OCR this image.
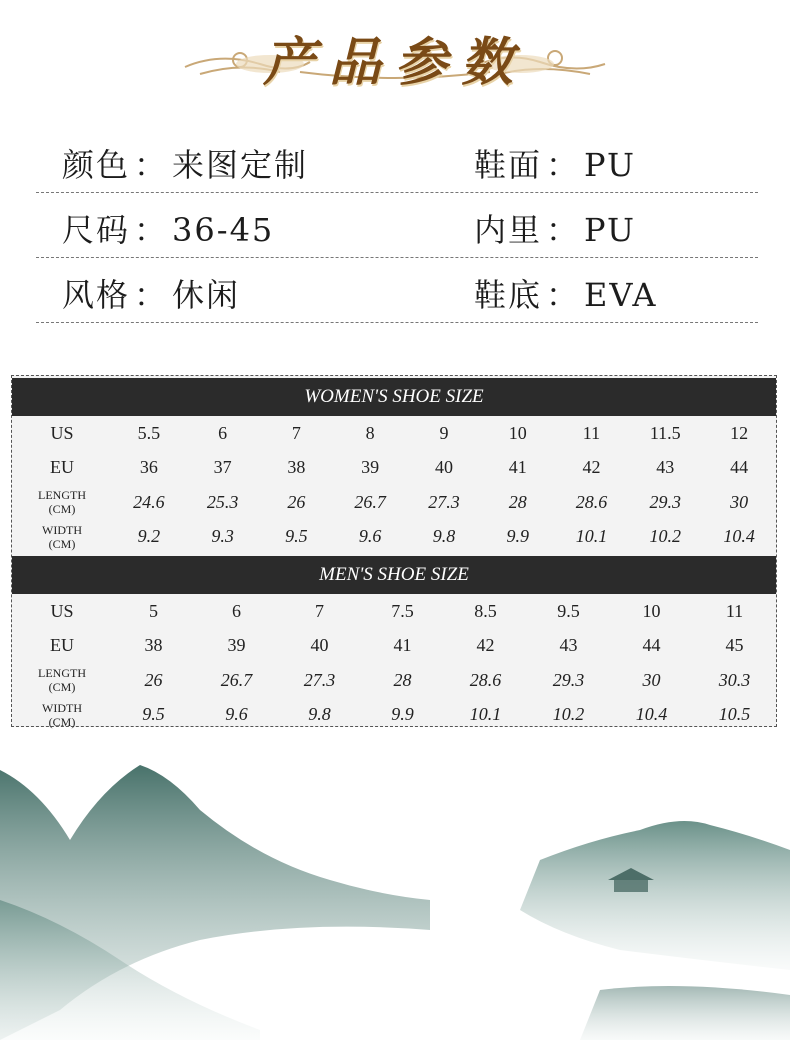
产品参数
颜色 ： 来图定制	鞋面 ： PU
尺码 ： 36-45	内里 ： PU
风格 ： 休闲	鞋底 ： EVA
WOMEN'S SHOE SIZE
US	5.5	6	7	8	9	10	11	11.5	12
EU	36	37	38	39	40	41	42	43	44
LENGTH
(CM)	24.6	25.3	26	26.7	27.3	28	28.6	29.3	30
WIDTH
(CM)	9.2	9.3	9.5	9.6	9.8	9.9	10.1	10.2	10.4
MEN'S SHOE SIZE
US	5	6	7	7.5	8.5	9.5	10	11
EU	38	39	40	41	42	43	44	45
LENGTH
(CM)	26	26.7	27.3	28	28.6	29.3	30	30.3
WIDTH
(CM)	9.5	9.6	9.8	9.9	10.1	10.2	10.4	10.5
